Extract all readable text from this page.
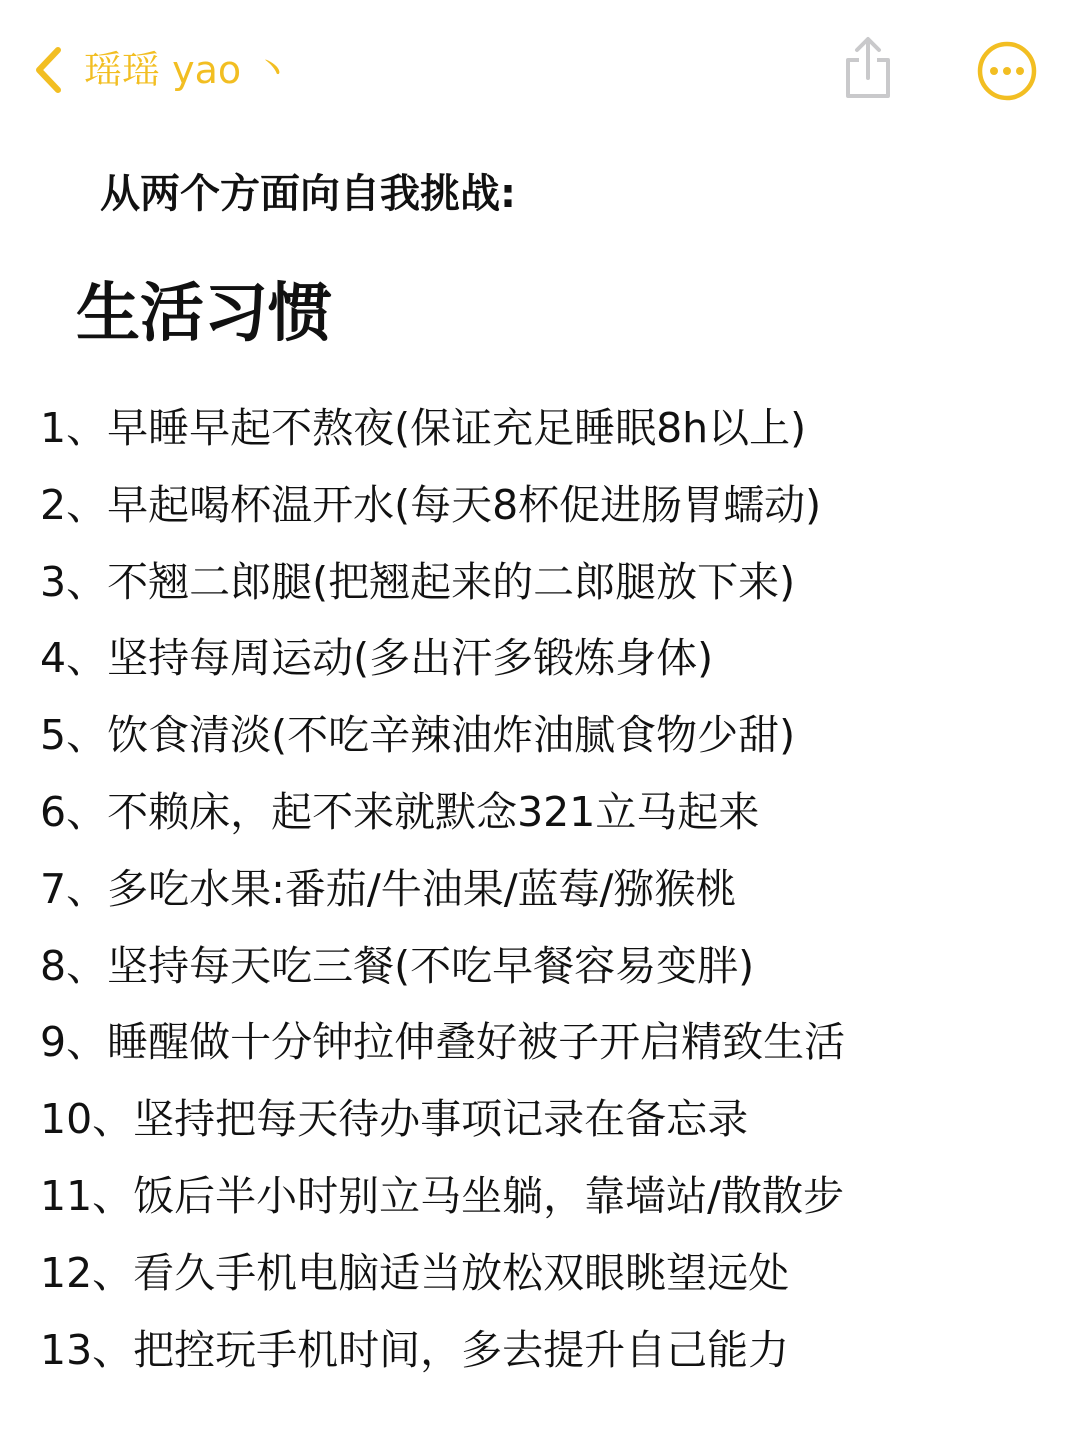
瑶瑶 yao 丶
从两个方面向自我挑战:
生活习惯
1、早睡早起不熬夜(保证充足睡眠8h以上)
2、早起喝杯温开水(每天8杯促进肠胃蠕动)
3、不翘二郎腿(把翘起来的二郎腿放下来)
4、坚持每周运动(多出汗多锻炼身体)
5、饮食清淡(不吃辛辣油炸油腻食物少甜)
6、不赖床，起不来就默念321立马起来
7、多吃水果:番茄/牛油果/蓝莓/猕猴桃
8、坚持每天吃三餐(不吃早餐容易变胖)
9、睡醒做十分钟拉伸叠好被子开启精致生活
10、坚持把每天待办事项记录在备忘录
11、饭后半小时别立马坐躺，靠墙站/散散步
12、看久手机电脑适当放松双眼眺望远处
13、把控玩手机时间，多去提升自己能力
